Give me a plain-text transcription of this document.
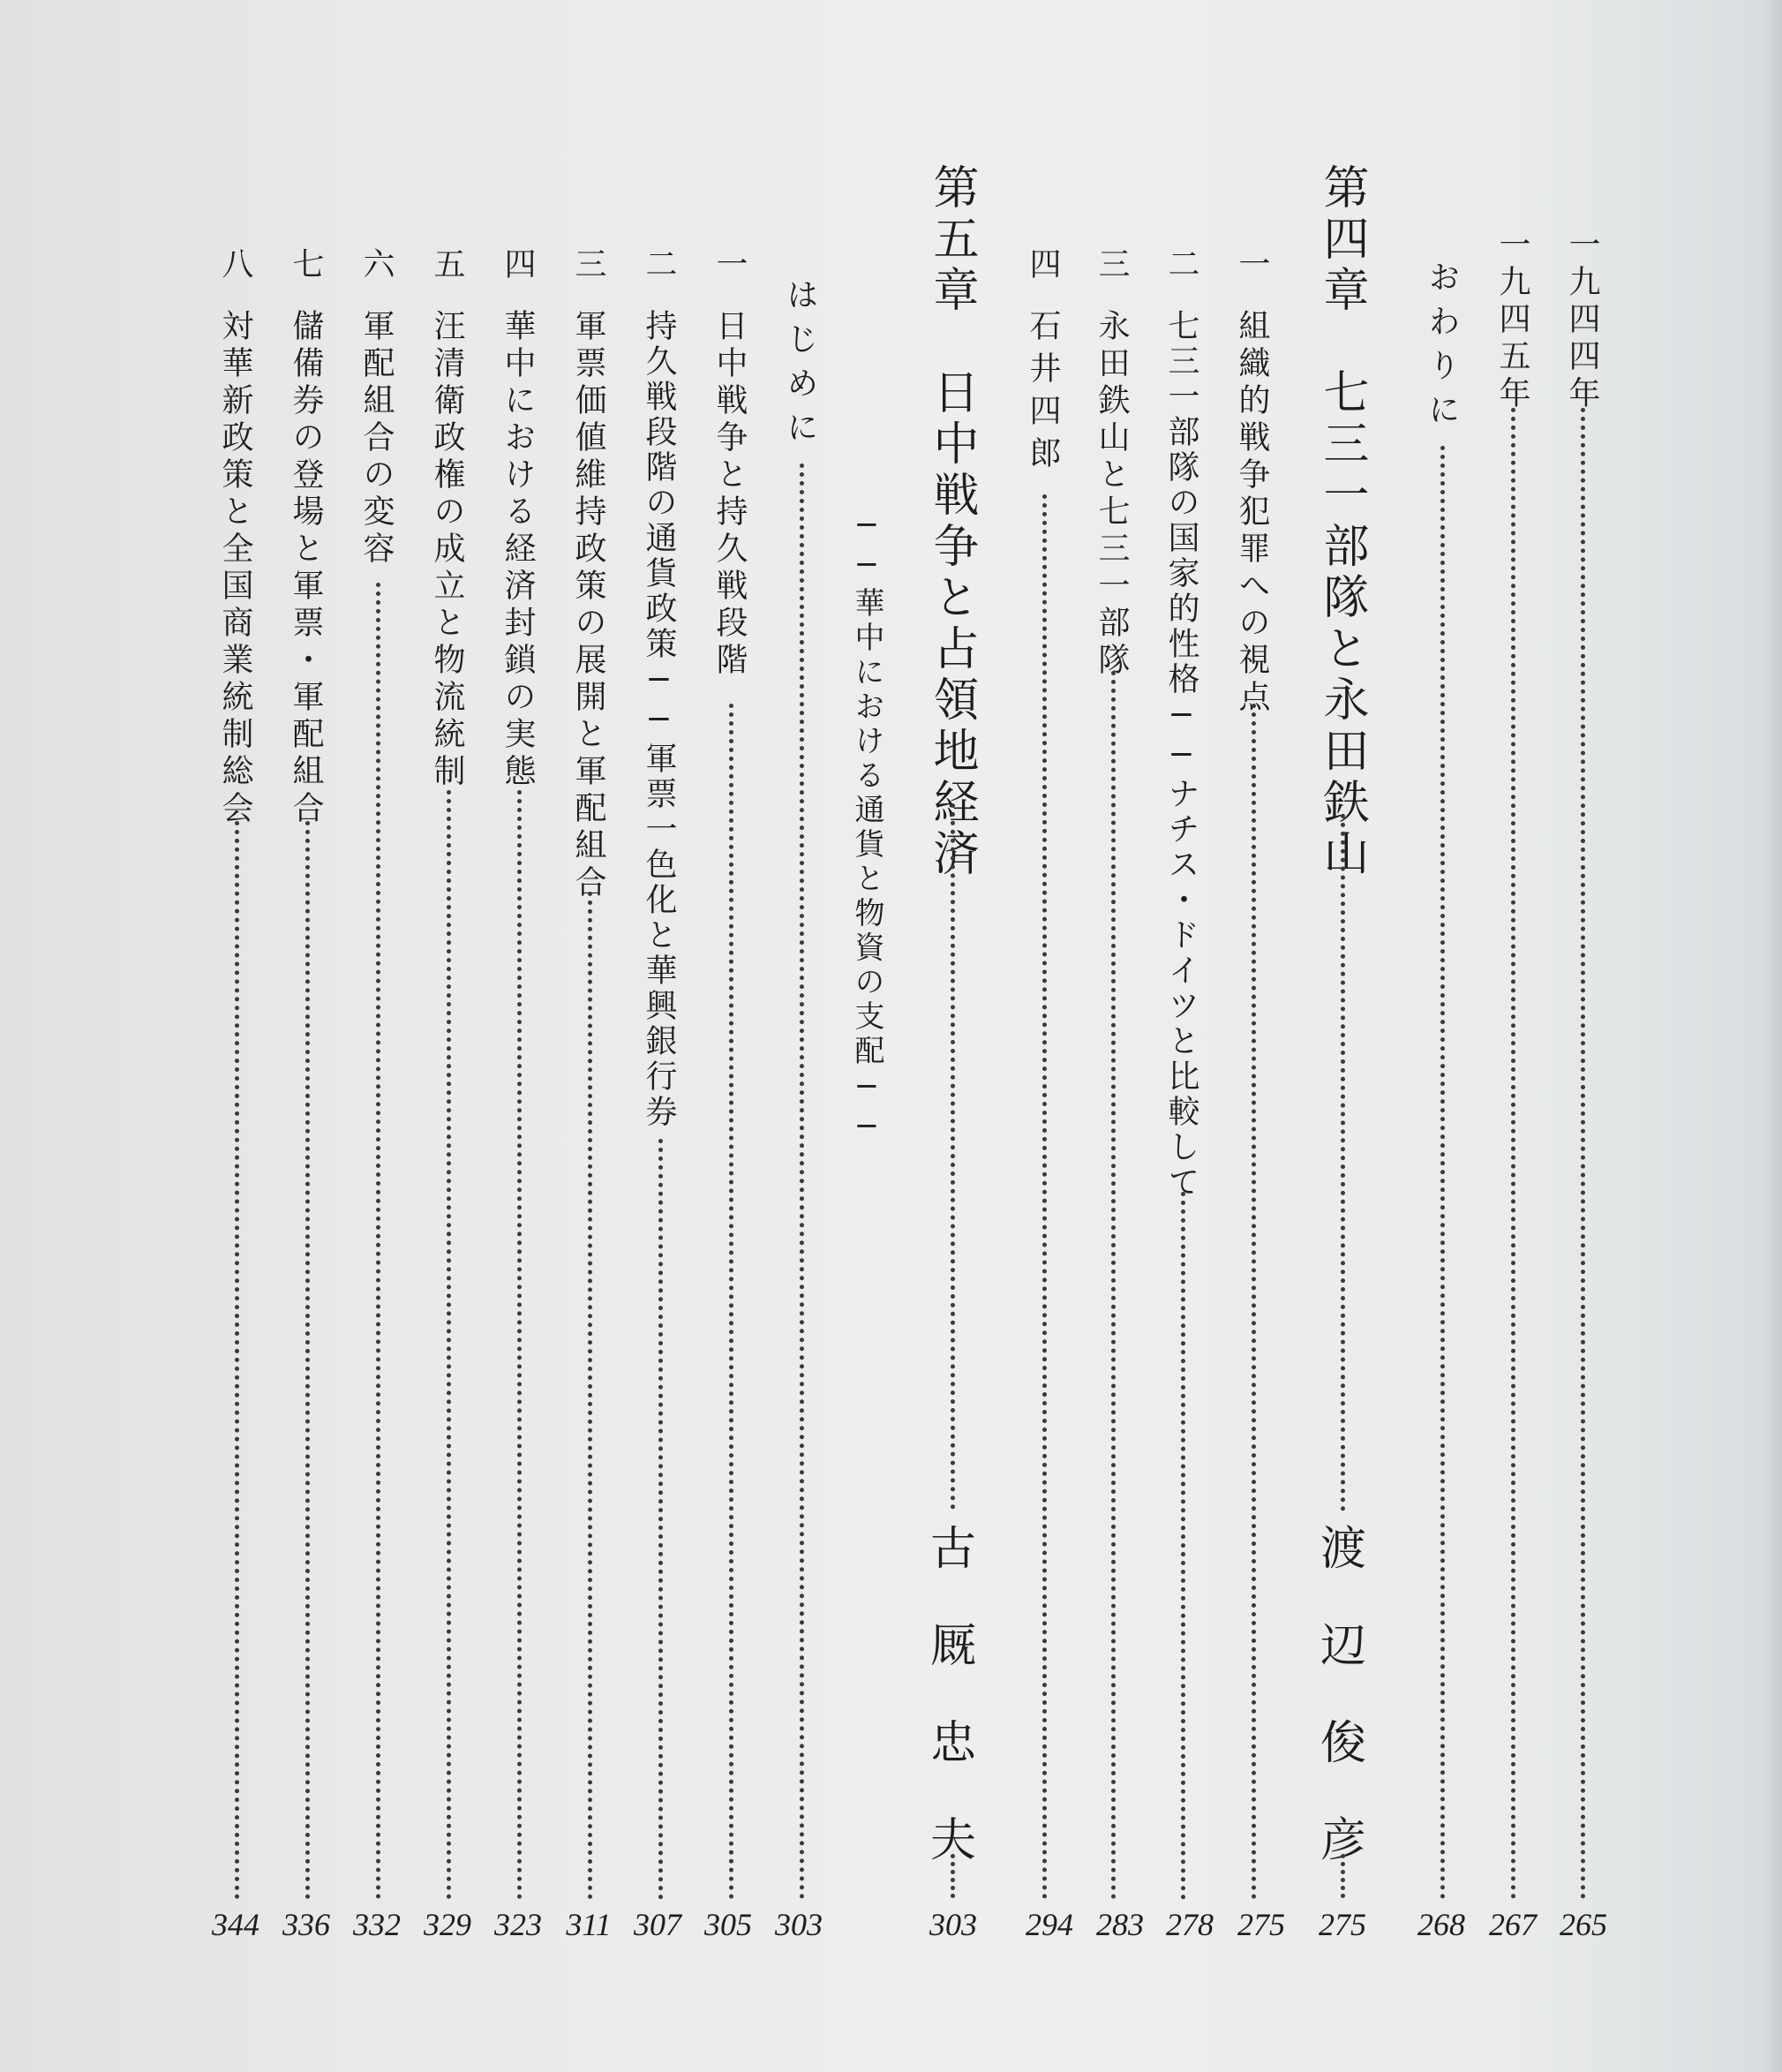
一九四四年
265
一九四五年
267
おわりに
268
第四章　七三一部隊と永田鉄山
渡
辺
俊
彦
275
一
組織的戦争犯罪への視点
275
二
七三一部隊の国家的性格──ナチス・ドイツと比較して
278
三
永田鉄山と七三一部隊
283
四
石井四郎
294
第五章　日中戦争と占領地経済
古
厩
忠
夫
303
──華中における通貨と物資の支配──
はじめに
303
一
日中戦争と持久戦段階
305
二
持久戦段階の通貨政策──軍票一色化と華興銀行券
307
三
軍票価値維持政策の展開と軍配組合
311
四
華中における経済封鎖の実態
323
五
汪清衛政権の成立と物流統制
329
六
軍配組合の変容
332
七
儲備券の登場と軍票・軍配組合
336
八
対華新政策と全国商業統制総会
344
